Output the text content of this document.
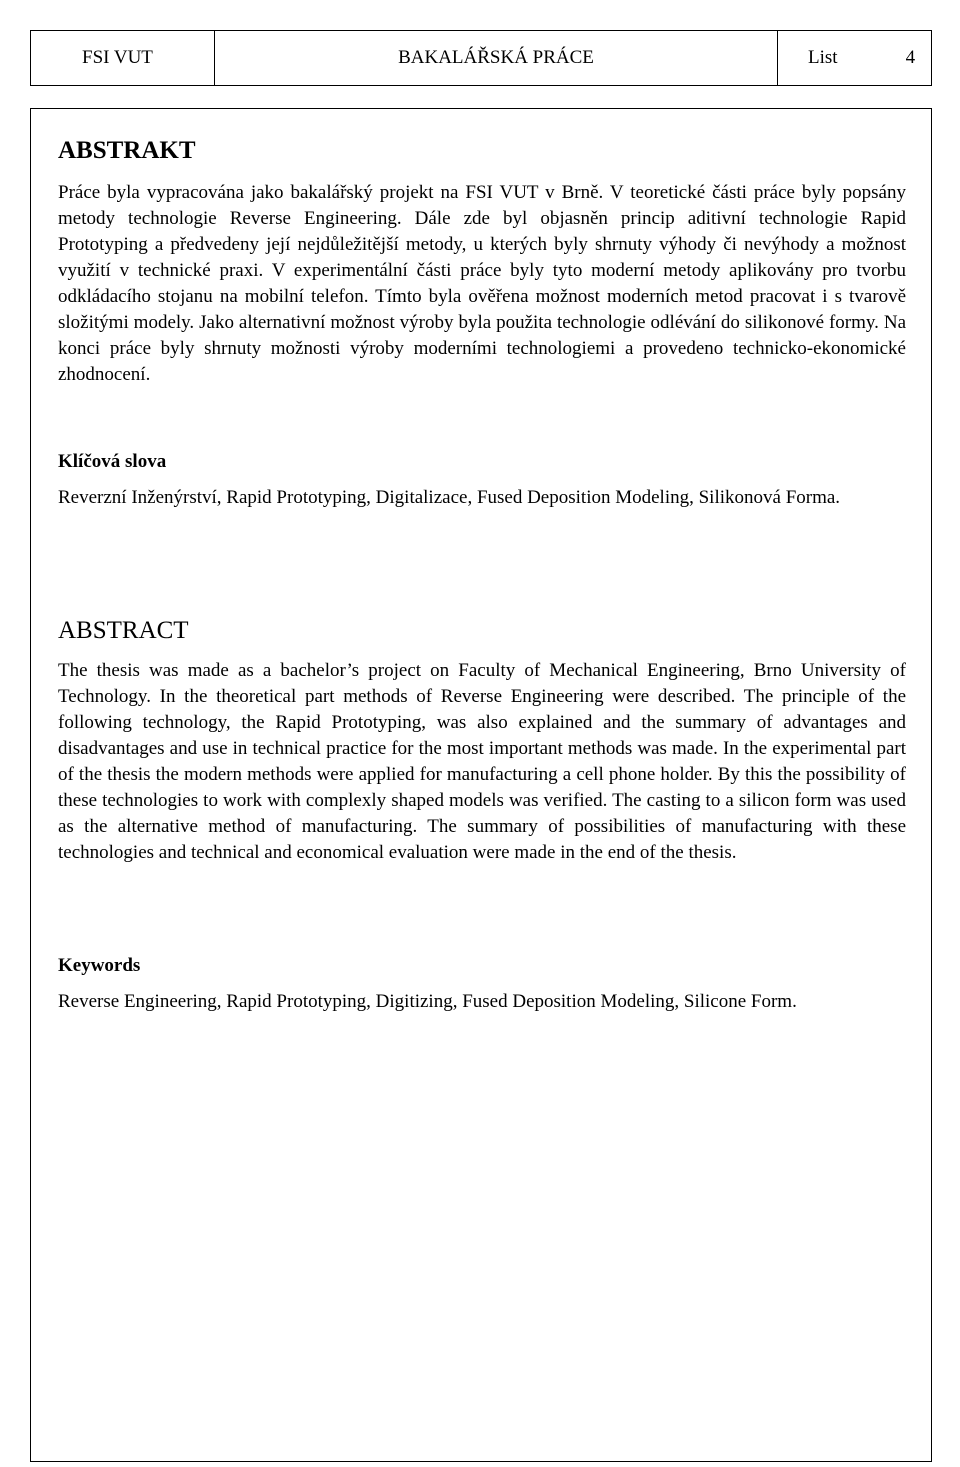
FSI VUT	BAKALÁŘSKÁ PRÁCE	List	4
ABSTRAKT

Práce byla vypracována jako bakalářský projekt na FSI VUT v Brně. V teoretické části práce byly popsány metody technologie Reverse Engineering. Dále zde byl objasněn princip aditivní technologie Rapid Prototyping a předvedeny její nejdůležitější metody, u kterých byly shrnuty výhody či nevýhody a možnost využití v technické praxi. V experimentální části práce byly tyto moderní metody aplikovány pro tvorbu odkládacího stojanu na mobilní telefon. Tímto byla ověřena možnost moderních metod pracovat i s tvarově složitými modely. Jako alternativní možnost výroby byla použita technologie odlévání do silikonové formy. Na konci práce byly shrnuty možnosti výroby moderními technologiemi a provedeno technicko-ekonomické zhodnocení.

Klíčová slova

Reverzní Inženýrství, Rapid Prototyping, Digitalizace, Fused Deposition Modeling, Silikonová Forma.

ABSTRACT

The thesis was made as a bachelor’s project on Faculty of Mechanical Engineering, Brno University of Technology. In the theoretical part methods of Reverse Engineering were described. The principle of the following technology, the Rapid Prototyping, was also explained and the summary of advantages and disadvantages and use in technical practice for the most important methods was made. In the experimental part of the thesis the modern methods were applied for manufacturing a cell phone holder. By this the possibility of these technologies to work with complexly shaped models was verified. The casting to a silicon form was used as the alternative method of manufacturing. The summary of possibilities of manufacturing with these technologies and technical and economical evaluation were made in the end of the thesis.

Keywords

Reverse Engineering, Rapid Prototyping, Digitizing, Fused Deposition Modeling, Silicone Form.
